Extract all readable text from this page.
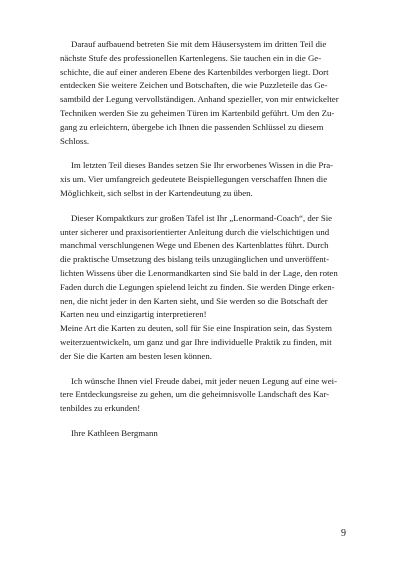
Darauf aufbauend betreten Sie mit dem Häusersystem im dritten Teil die
nächste Stufe des professionellen Kartenlegens. Sie tauchen ein in die Ge-
schichte, die auf einer anderen Ebene des Kartenbildes verborgen liegt. Dort
entdecken Sie weitere Zeichen und Botschaften, die wie Puzzleteile das Ge-
samtbild der Legung vervollständigen. Anhand spezieller, von mir entwickelter
Techniken werden Sie zu geheimen Türen im Kartenbild geführt. Um den Zu-
gang zu erleichtern, übergebe ich Ihnen die passenden Schlüssel zu diesem
Schloss.

Im letzten Teil dieses Bandes setzen Sie Ihr erworbenes Wissen in die Pra-
xis um. Vier umfangreich gedeutete Beispiellegungen verschaffen Ihnen die
Möglichkeit, sich selbst in der Kartendeutung zu üben.

Dieser Kompaktkurs zur großen Tafel ist Ihr „Lenormand-Coach“, der Sie
unter sicherer und praxisorientierter Anleitung durch die vielschichtigen und
manchmal verschlungenen Wege und Ebenen des Kartenblattes führt. Durch
die praktische Umsetzung des bislang teils unzugänglichen und unveröffent-
lichten Wissens über die Lenormandkarten sind Sie bald in der Lage, den roten
Faden durch die Legungen spielend leicht zu finden. Sie werden Dinge erken-
nen, die nicht jeder in den Karten sieht, und Sie werden so die Botschaft der
Karten neu und einzigartig interpretieren!
Meine Art die Karten zu deuten, soll für Sie eine Inspiration sein, das System
weiterzuentwickeln, um ganz und gar Ihre individuelle Praktik zu finden, mit
der Sie die Karten am besten lesen können.

Ich wünsche Ihnen viel Freude dabei, mit jeder neuen Legung auf eine wei-
tere Entdeckungsreise zu gehen, um die geheimnisvolle Landschaft des Kar-
tenbildes zu erkunden!

Ihre Kathleen Bergmann

9
